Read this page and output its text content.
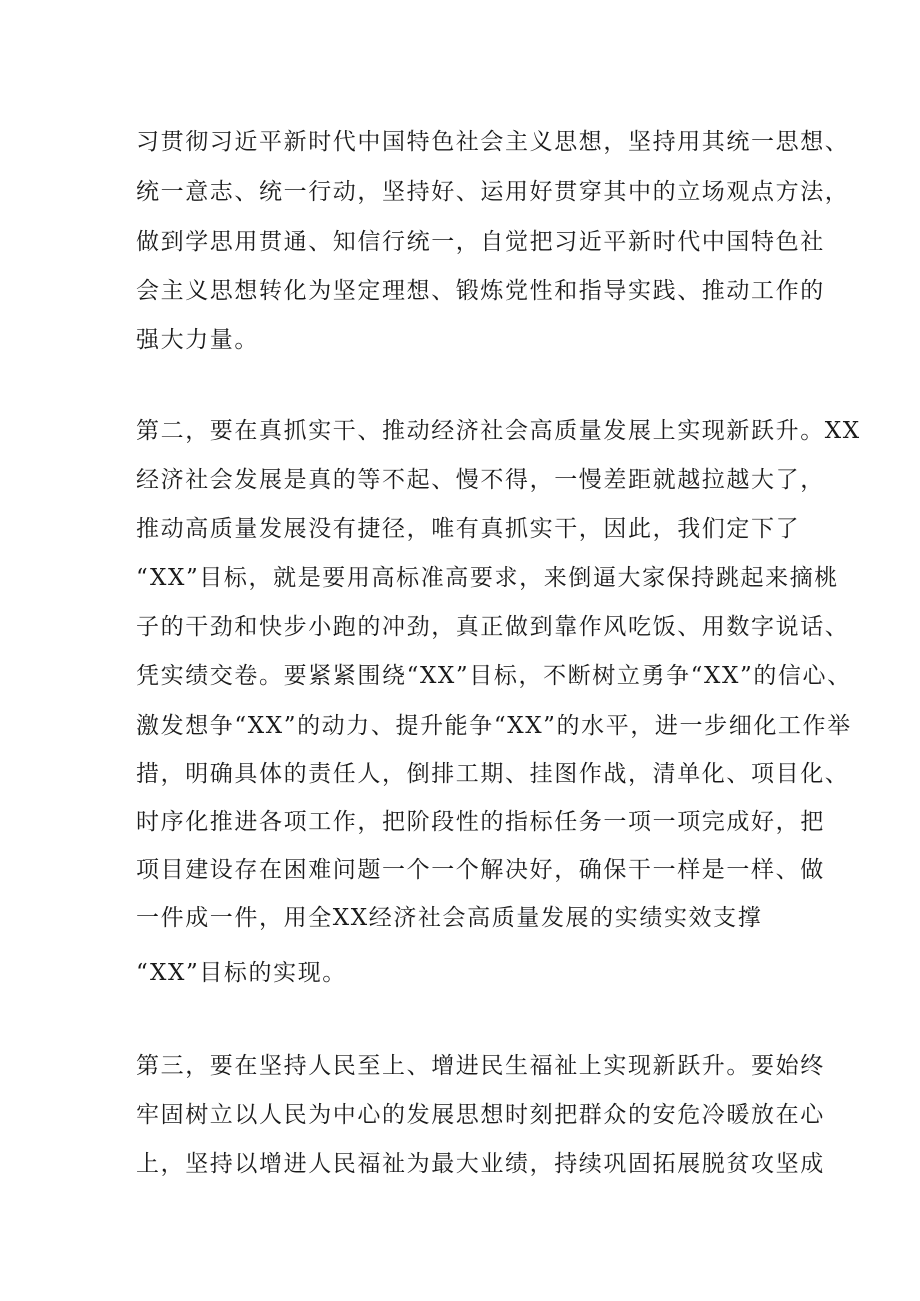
习贯彻习近平新时代中国特色社会主义思想，坚持用其统一思想、
统一意志、统一行动，坚持好、运用好贯穿其中的立场观点方法，
做到学思用贯通、知信行统一，自觉把习近平新时代中国特色社
会主义思想转化为坚定理想、锻炼党性和指导实践、推动工作的
强大力量。
第二，要在真抓实干、推动经济社会高质量发展上实现新跃升。XX
经济社会发展是真的等不起、慢不得，一慢差距就越拉越大了，
推动高质量发展没有捷径，唯有真抓实干，因此，我们定下了
“XX”目标，就是要用高标准高要求，来倒逼大家保持跳起来摘桃
子的干劲和快步小跑的冲劲，真正做到靠作风吃饭、用数字说话、
凭实绩交卷。要紧紧围绕“XX”目标，不断树立勇争“XX”的信心、
激发想争“XX”的动力、提升能争“XX”的水平，进一步细化工作举
措，明确具体的责任人，倒排工期、挂图作战，清单化、项目化、
时序化推进各项工作，把阶段性的指标任务一项一项完成好，把
项目建设存在困难问题一个一个解决好，确保干一样是一样、做
一件成一件，用全XX经济社会高质量发展的实绩实效支撑
“XX”目标的实现。
第三，要在坚持人民至上、增进民生福祉上实现新跃升。要始终
牢固树立以人民为中心的发展思想时刻把群众的安危冷暖放在心
上，坚持以增进人民福祉为最大业绩，持续巩固拓展脱贫攻坚成
